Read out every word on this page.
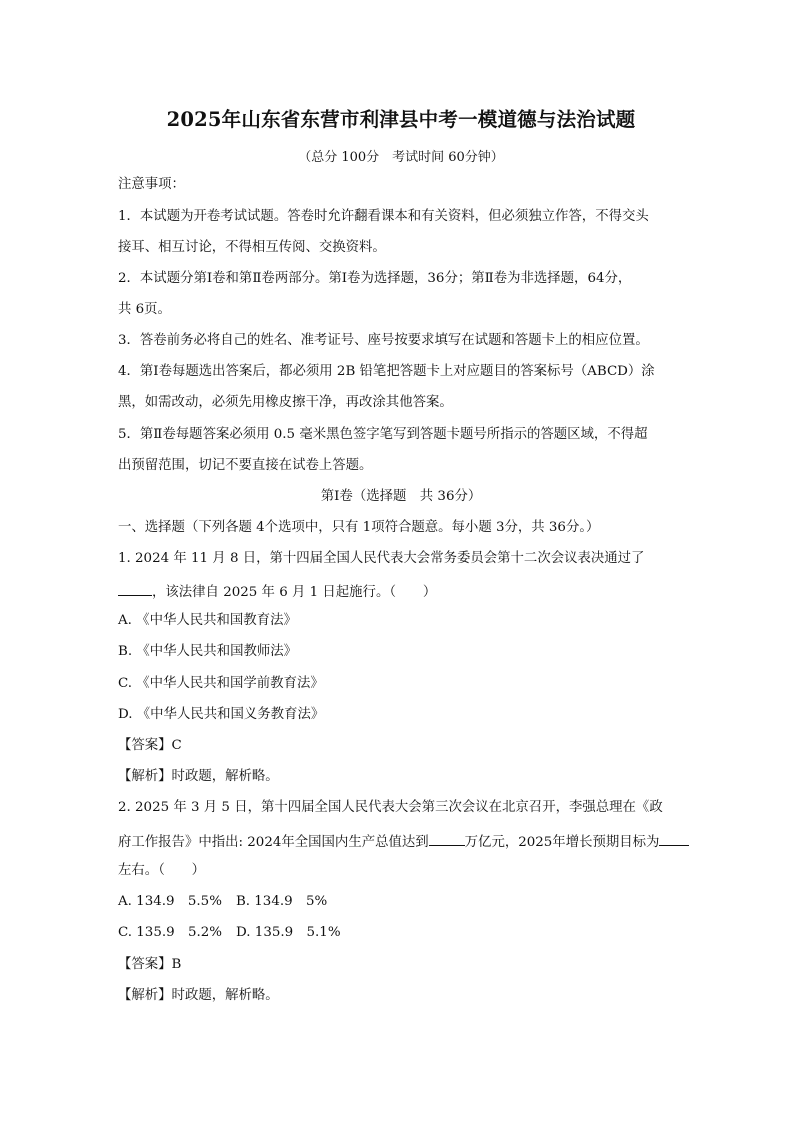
2025年山东省东营市利津县中考一模道德与法治试题
（总分 100分　考试时间 60分钟）
注意事项：
1．本试题为开卷考试试题。答卷时允许翻看课本和有关资料，但必须独立作答，不得交头
接耳、相互讨论，不得相互传阅、交换资料。
2．本试题分第Ⅰ卷和第Ⅱ卷两部分。第Ⅰ卷为选择题，36分；第Ⅱ卷为非选择题，64分，
共 6页。
3．答卷前务必将自己的姓名、准考证号、座号按要求填写在试题和答题卡上的相应位置。
4．第Ⅰ卷每题选出答案后，都必须用 2B 铅笔把答题卡上对应题目的答案标号（ABCD）涂
黑，如需改动，必须先用橡皮擦干净，再改涂其他答案。
5．第Ⅱ卷每题答案必须用 0.5 毫米黑色签字笔写到答题卡题号所指示的答题区域，不得超
出预留范围，切记不要直接在试卷上答题。
第Ⅰ卷（选择题　共 36分）
一、选择题（下列各题 4个选项中，只有 1项符合题意。每小题 3分，共 36分。）
1. 2024 年 11 月 8 日，第十四届全国人民代表大会常务委员会第十二次会议表决通过了
，该法律自 2025 年 6 月 1 日起施行。（　　）
A. 《中华人民共和国教育法》
B. 《中华人民共和国教师法》
C. 《中华人民共和国学前教育法》
D. 《中华人民共和国义务教育法》
【答案】C
【解析】时政题，解析略。
2. 2025 年 3 月 5 日，第十四届全国人民代表大会第三次会议在北京召开，李强总理在《政
府工作报告》中指出: 2024年全国国内生产总值达到	万亿元，2025年增长预期目标为
左右。（　　）
A. 134.9　5.5% B. 134.9　5%
C. 135.9　5.2% D. 135.9　5.1%
【答案】B
【解析】时政题，解析略。
